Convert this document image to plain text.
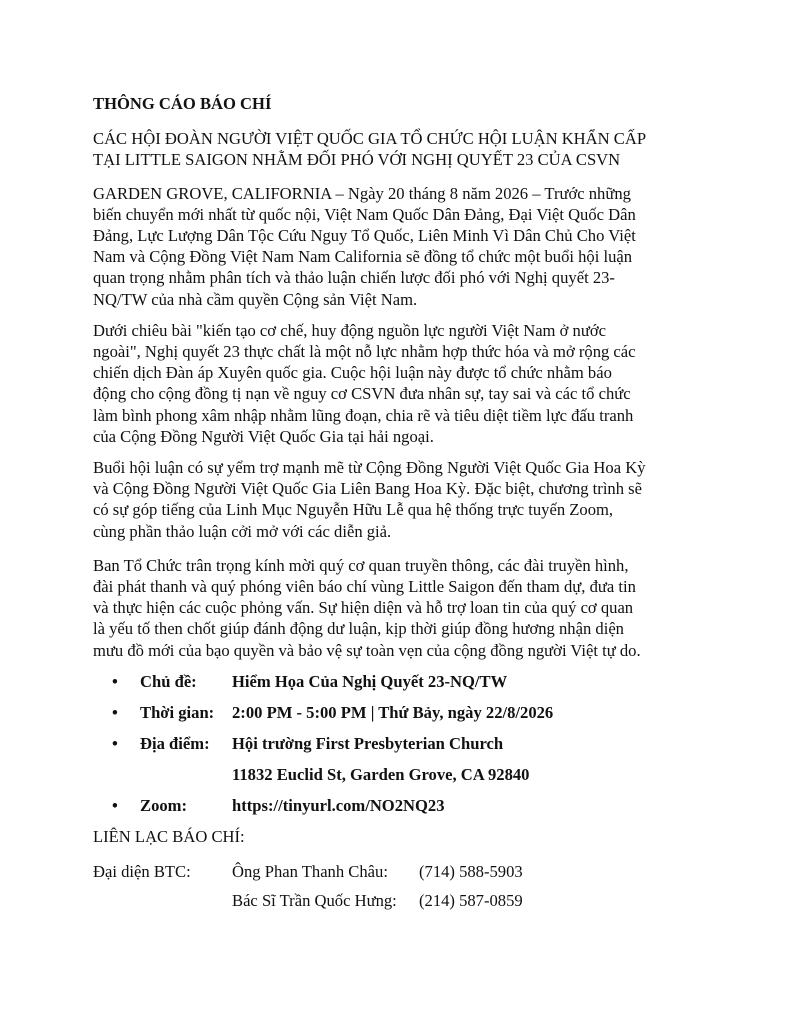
THÔNG CÁO BÁO CHÍ
CÁC HỘI ĐOÀN NGƯỜI VIỆT QUỐC GIA TỔ CHỨC HỘI LUẬN KHẨN CẤP
TẠI LITTLE SAIGON NHẰM ĐỐI PHÓ VỚI NGHỊ QUYẾT 23 CỦA CSVN
GARDEN GROVE, CALIFORNIA – Ngày 20 tháng 8 năm 2026 – Trước những
biến chuyển mới nhất từ quốc nội, Việt Nam Quốc Dân Đảng, Đại Việt Quốc Dân
Đảng, Lực Lượng Dân Tộc Cứu Nguy Tổ Quốc, Liên Minh Vì Dân Chủ Cho Việt
Nam và Cộng Đồng Việt Nam Nam California sẽ đồng tổ chức một buổi hội luận
quan trọng nhằm phân tích và thảo luận chiến lược đối phó với Nghị quyết 23-
NQ/TW của nhà cầm quyền Cộng sản Việt Nam.
Dưới chiêu bài "kiến tạo cơ chế, huy động nguồn lực người Việt Nam ở nước
ngoài", Nghị quyết 23 thực chất là một nỗ lực nhằm hợp thức hóa và mở rộng các
chiến dịch Đàn áp Xuyên quốc gia. Cuộc hội luận này được tổ chức nhằm báo
động cho cộng đồng tị nạn về nguy cơ CSVN đưa nhân sự, tay sai và các tổ chức
làm bình phong xâm nhập nhằm lũng đoạn, chia rẽ và tiêu diệt tiềm lực đấu tranh
của Cộng Đồng Người Việt Quốc Gia tại hải ngoại.
Buổi hội luận có sự yểm trợ mạnh mẽ từ Cộng Đồng Người Việt Quốc Gia Hoa Kỳ
và Cộng Đồng Người Việt Quốc Gia Liên Bang Hoa Kỳ. Đặc biệt, chương trình sẽ
có sự góp tiếng của Linh Mục Nguyễn Hữu Lễ qua hệ thống trực tuyến Zoom,
cùng phần thảo luận cởi mở với các diễn giả.
Ban Tổ Chức trân trọng kính mời quý cơ quan truyền thông, các đài truyền hình,
đài phát thanh và quý phóng viên báo chí vùng Little Saigon đến tham dự, đưa tin
và thực hiện các cuộc phỏng vấn. Sự hiện diện và hỗ trợ loan tin của quý cơ quan
là yếu tố then chốt giúp đánh động dư luận, kịp thời giúp đồng hương nhận diện
mưu đồ mới của bạo quyền và bảo vệ sự toàn vẹn của cộng đồng người Việt tự do.
• Chủ đề: Hiểm Họa Của Nghị Quyết 23-NQ/TW
• Thời gian: 2:00 PM - 5:00 PM | Thứ Bảy, ngày 22/8/2026
• Địa điểm: Hội trường First Presbyterian Church
11832 Euclid St, Garden Grove, CA 92840
• Zoom:	https://tinyurl.com/NO2NQ23
LIÊN LẠC BÁO CHÍ:
Đại diện BTC: Ông Phan Thanh Châu: (714) 588-5903
Bác Sĩ Trần Quốc Hưng: (214) 587-0859
